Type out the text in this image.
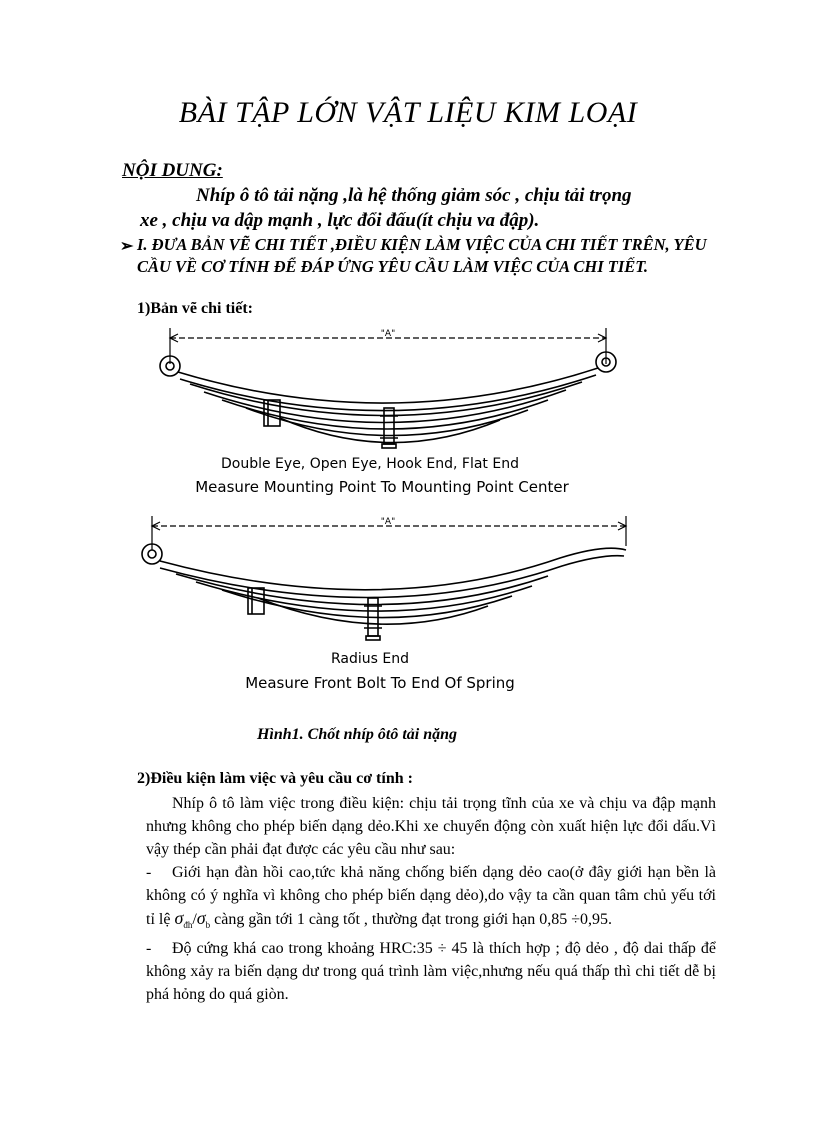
BÀI TẬP LỚN VẬT LIỆU KIM LOẠI
NỘI DUNG:
Nhíp ô tô tải nặng ,là hệ thống giảm sóc , chịu tải trọng
xe , chịu va dập mạnh , lực đổi đấu(ít chịu va đập).
➢ I. ĐƯA BẢN VẼ CHI TIẾT ,ĐIỀU KIỆN LÀM VIỆC CỦA CHI TIẾT TRÊN, YÊU CẦU VỀ CƠ TÍNH ĐỂ ĐÁP ỨNG YÊU CẦU LÀM VIỆC CỦA CHI TIẾT.
1)Bản vẽ chi tiết:
"A"
"A"
Double Eye, Open Eye, Hook End, Flat End
Measure Mounting Point To Mounting Point Center
Radius End
Measure Front Bolt To End Of Spring
Hình1. Chốt nhíp ôtô tải nặng
2)Điều kiện làm việc và yêu cầu cơ tính :

Nhíp ô tô làm việc trong điều kiện: chịu tải trọng tĩnh của xe và chịu va đập mạnh nhưng không cho phép biến dạng dẻo.Khi xe chuyển động còn xuất hiện lực đổi dấu.Vì vậy thép cần phải đạt được các yêu cầu như sau:

- Giới hạn đàn hồi cao,tức khả năng chống biến dạng dẻo cao(ở đây giới hạn bền là không có ý nghĩa vì không cho phép biến dạng dẻo),do vậy ta cần quan tâm chủ yếu tới tỉ lệ $\sigma_{đh}/\sigma_b$ càng gần tới 1 càng tốt , thường đạt trong giới hạn 0,85 ÷0,95.

- Độ cứng khá cao trong khoảng HRC:35 ÷ 45 là thích hợp ; độ dẻo , độ dai thấp để không xảy ra biến dạng dư trong quá trình làm việc,nhưng nếu quá thấp thì chi tiết dễ bị phá hỏng do quá giòn.
